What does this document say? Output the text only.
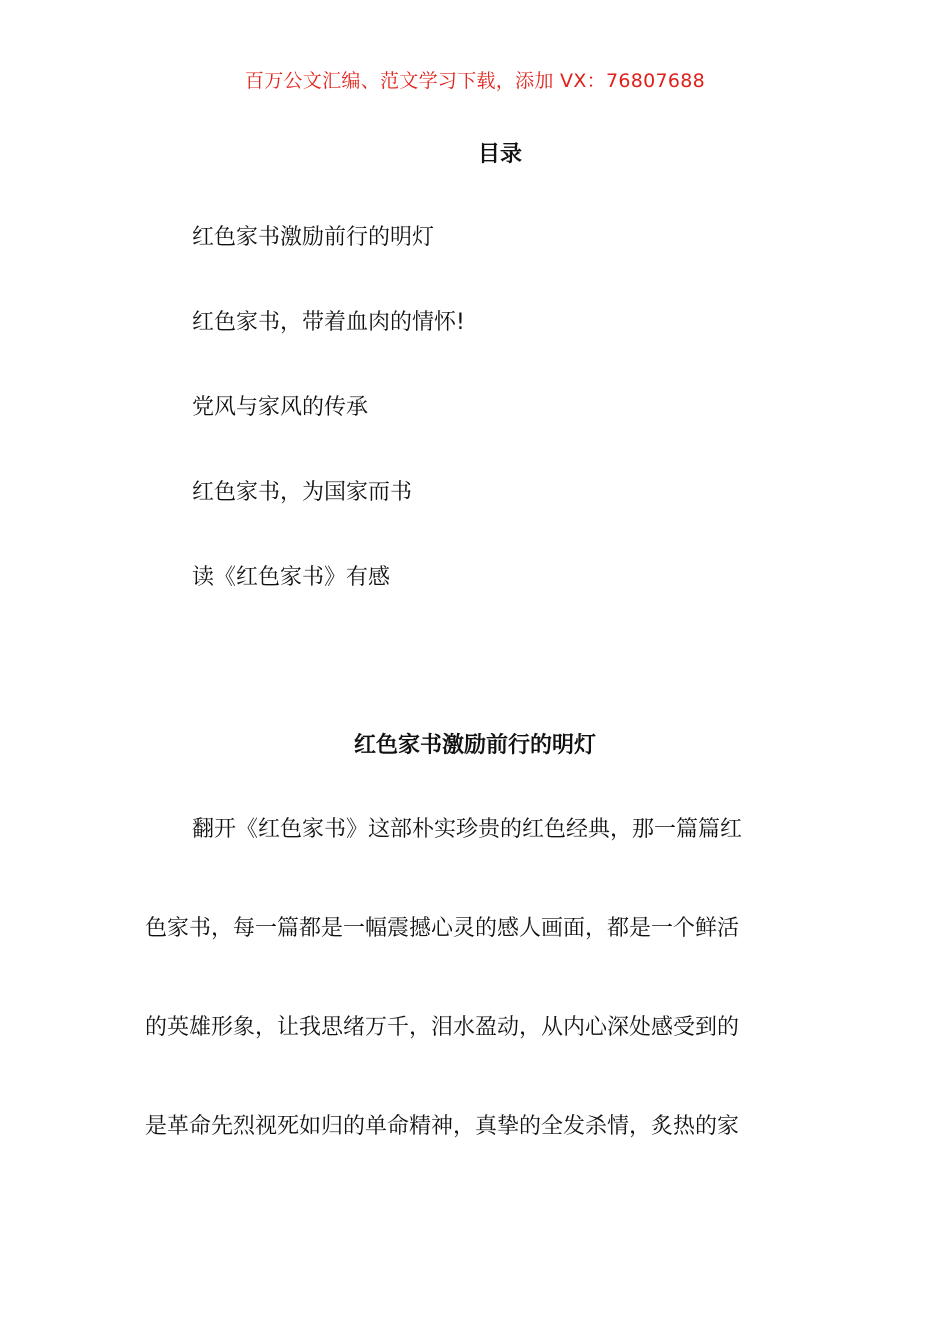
百万公文汇编、范文学习下载，添加 VX：76807688
目录
红色家书激励前行的明灯
红色家书，带着血肉的情怀!
党风与家风的传承
红色家书，为国家而书
读《红色家书》有感
红色家书激励前行的明灯

翻开《红色家书》这部朴实珍贵的红色经典，那一篇篇红
色家书，每一篇都是一幅震撼心灵的感人画面，都是一个鲜活
的英雄形象，让我思绪万千，泪水盈动，从内心深处感受到的
是革命先烈视死如归的单命精神，真挚的全发杀情，炙热的家
